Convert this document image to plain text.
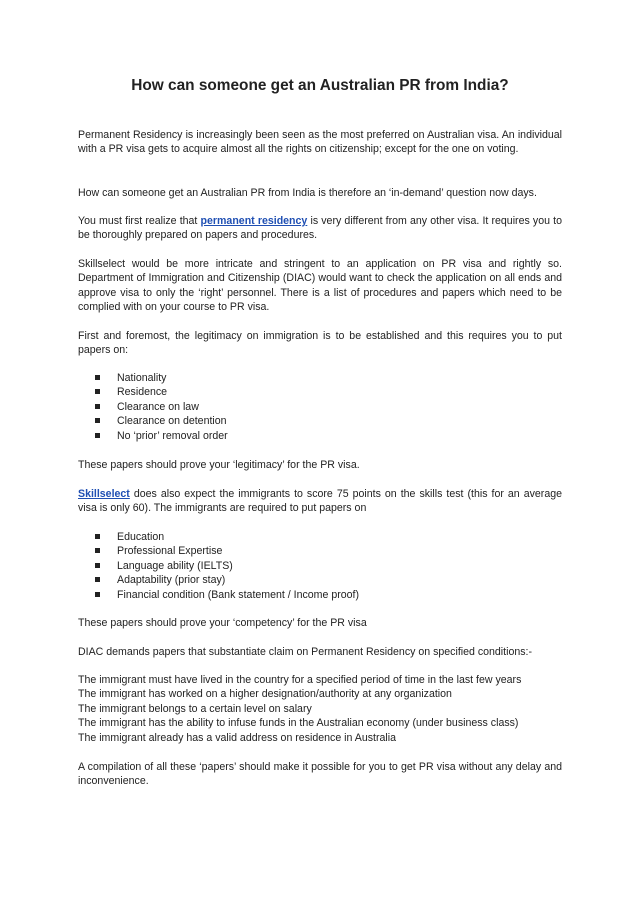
How can someone get an Australian PR from India?

Permanent Residency is increasingly been seen as the most preferred on Australian visa. An individual with a PR visa gets to acquire almost all the rights on citizenship; except for the one on voting.

How can someone get an Australian PR from India is therefore an ‘in-demand’ question now days.

You must first realize that permanent residency is very different from any other visa. It requires you to be thoroughly prepared on papers and procedures.

Skillselect would be more intricate and stringent to an application on PR visa and rightly so. Department of Immigration and Citizenship (DIAC) would want to check the application on all ends and approve visa to only the ‘right’ personnel. There is a list of procedures and papers which need to be complied with on your course to PR visa.

First and foremost, the legitimacy on immigration is to be established and this requires you to put papers on:

Nationality
Residence
Clearance on law
Clearance on detention
No ‘prior’ removal order

These papers should prove your ‘legitimacy’ for the PR visa.

Skillselect does also expect the immigrants to score 75 points on the skills test (this for an average visa is only 60). The immigrants are required to put papers on

Education
Professional Expertise
Language ability (IELTS)
Adaptability (prior stay)
Financial condition (Bank statement / Income proof)

These papers should prove your ‘competency’ for the PR visa

DIAC demands papers that substantiate claim on Permanent Residency on specified conditions:-

The immigrant must have lived in the country for a specified period of time in the last few years
The immigrant has worked on a higher designation/authority at any organization
The immigrant belongs to a certain level on salary
The immigrant has the ability to infuse funds in the Australian economy (under business class)
The immigrant already has a valid address on residence in Australia

A compilation of all these ‘papers’ should make it possible for you to get PR visa without any delay and inconvenience.
